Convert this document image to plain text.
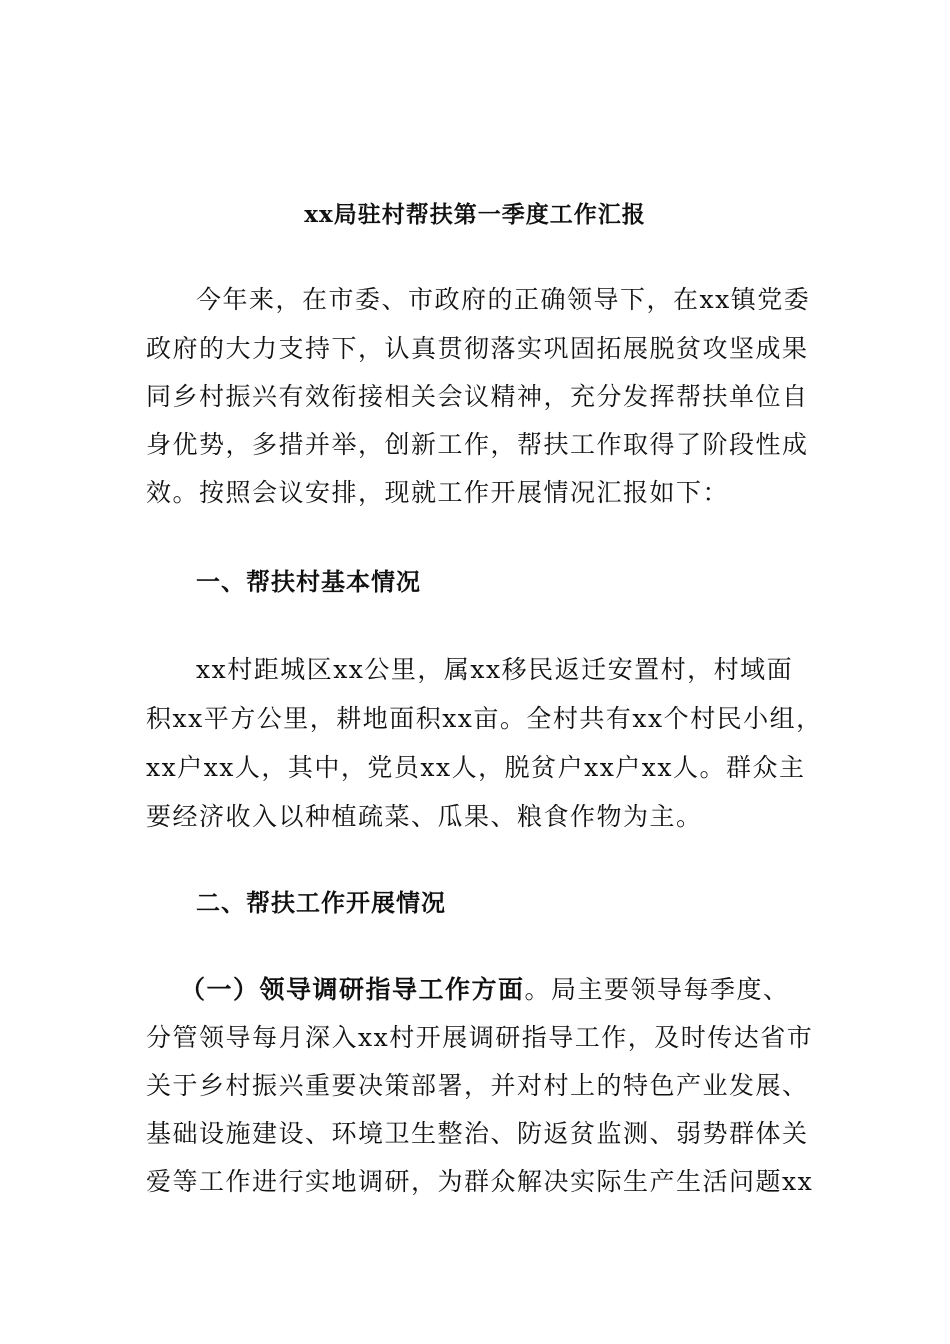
xx局驻村帮扶第一季度工作汇报
今年来，在市委、市政府的正确领导下，在xx镇党委
政府的大力支持下，认真贯彻落实巩固拓展脱贫攻坚成果
同乡村振兴有效衔接相关会议精神，充分发挥帮扶单位自
身优势，多措并举，创新工作，帮扶工作取得了阶段性成
效。按照会议安排，现就工作开展情况汇报如下：
一、帮扶村基本情况
xx村距城区xx公里，属xx移民返迁安置村，村域面
积xx平方公里，耕地面积xx亩。全村共有xx个村民小组，
xx户xx人，其中，党员xx人，脱贫户xx户xx人。群众主
要经济收入以种植疏菜、瓜果、粮食作物为主。
二、帮扶工作开展情况
（一）领导调研指导工作方面。局主要领导每季度、
分管领导每月深入xx村开展调研指导工作，及时传达省市
关于乡村振兴重要决策部署，并对村上的特色产业发展、
基础设施建设、环境卫生整治、防返贫监测、弱势群体关
爱等工作进行实地调研，为群众解决实际生产生活问题xx
